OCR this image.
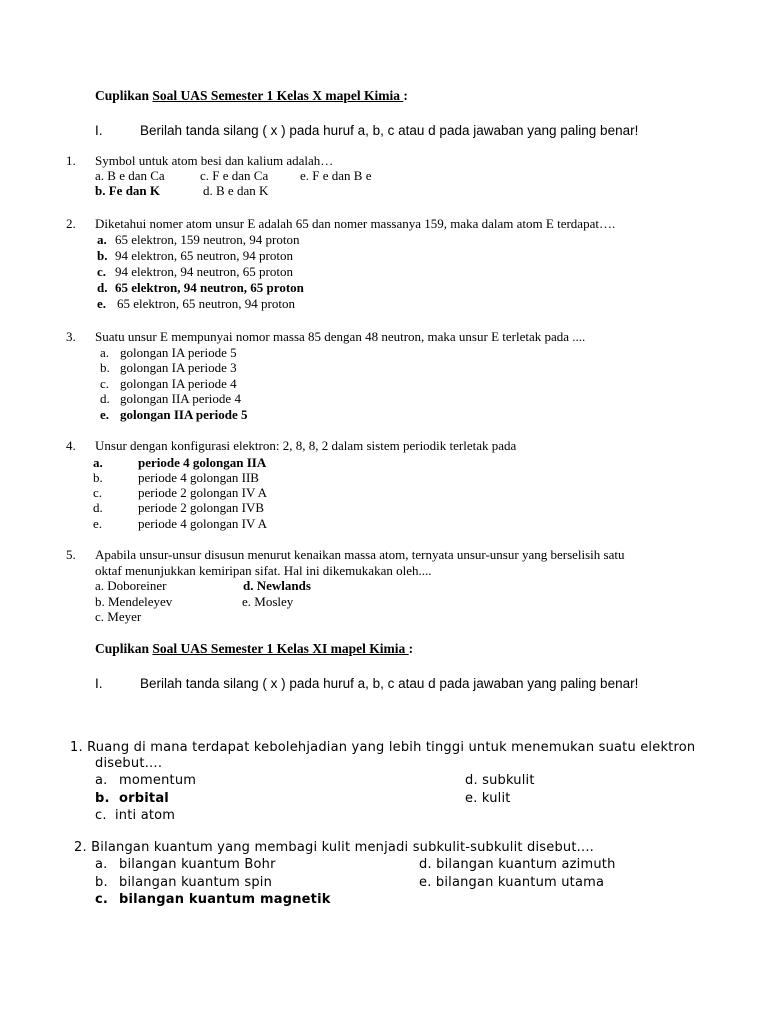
Cuplikan Soal UAS Semester 1 Kelas X mapel Kimia :
I.	Berilah tanda silang ( x ) pada huruf a, b, c atau d pada jawaban yang paling benar!
1. Symbol untuk atom besi dan kalium adalah…
a. B e dan Ca	c. F e dan Ca e. F e dan B e
b. Fe dan K	d. B e dan K
2. Diketahui nomer atom unsur E adalah 65 dan nomer massanya 159, maka dalam atom E terdapat….
a. 65 elektron, 159 neutron, 94 proton
b. 94 elektron, 65 neutron, 94 proton
c. 94 elektron, 94 neutron, 65 proton
d. 65 elektron, 94 neutron, 65 proton
e. 65 elektron, 65 neutron, 94 proton
3. Suatu unsur E mempunyai nomor massa 85 dengan 48 neutron, maka unsur E terletak pada ....
a. golongan IA periode 5
b. golongan IA periode 3
c. golongan IA periode 4
d. golongan IIA periode 4
e. golongan IIA periode 5
4. Unsur dengan konfigurasi elektron: 2, 8, 8, 2 dalam sistem periodik terletak pada
a.	periode 4 golongan IIA
b.	periode 4 golongan IIB
c.	periode 2 golongan IV A
d.	periode 2 golongan IVB
e.	periode 4 golongan IV A
5. Apabila unsur-unsur disusun menurut kenaikan massa atom, ternyata unsur-unsur yang berselisih satu
oktaf menunjukkan kemiripan sifat. Hal ini dikemukakan oleh....
a. Doboreiner	d. Newlands
b. Mendeleyev	e. Mosley
c. Meyer
Cuplikan Soal UAS Semester 1 Kelas XI mapel Kimia :
I.	Berilah tanda silang ( x ) pada huruf a, b, c atau d pada jawaban yang paling benar!
1. Ruang di mana terdapat kebolehjadian yang lebih tinggi untuk menemukan suatu elektron
disebut….
a. momentum	d. subkulit
b. orbital	e. kulit
c. inti atom
2. Bilangan kuantum yang membagi kulit menjadi subkulit-subkulit disebut....
a. bilangan kuantum Bohr	d. bilangan kuantum azimuth
b. bilangan kuantum spin	e. bilangan kuantum utama
c. bilangan kuantum magnetik
